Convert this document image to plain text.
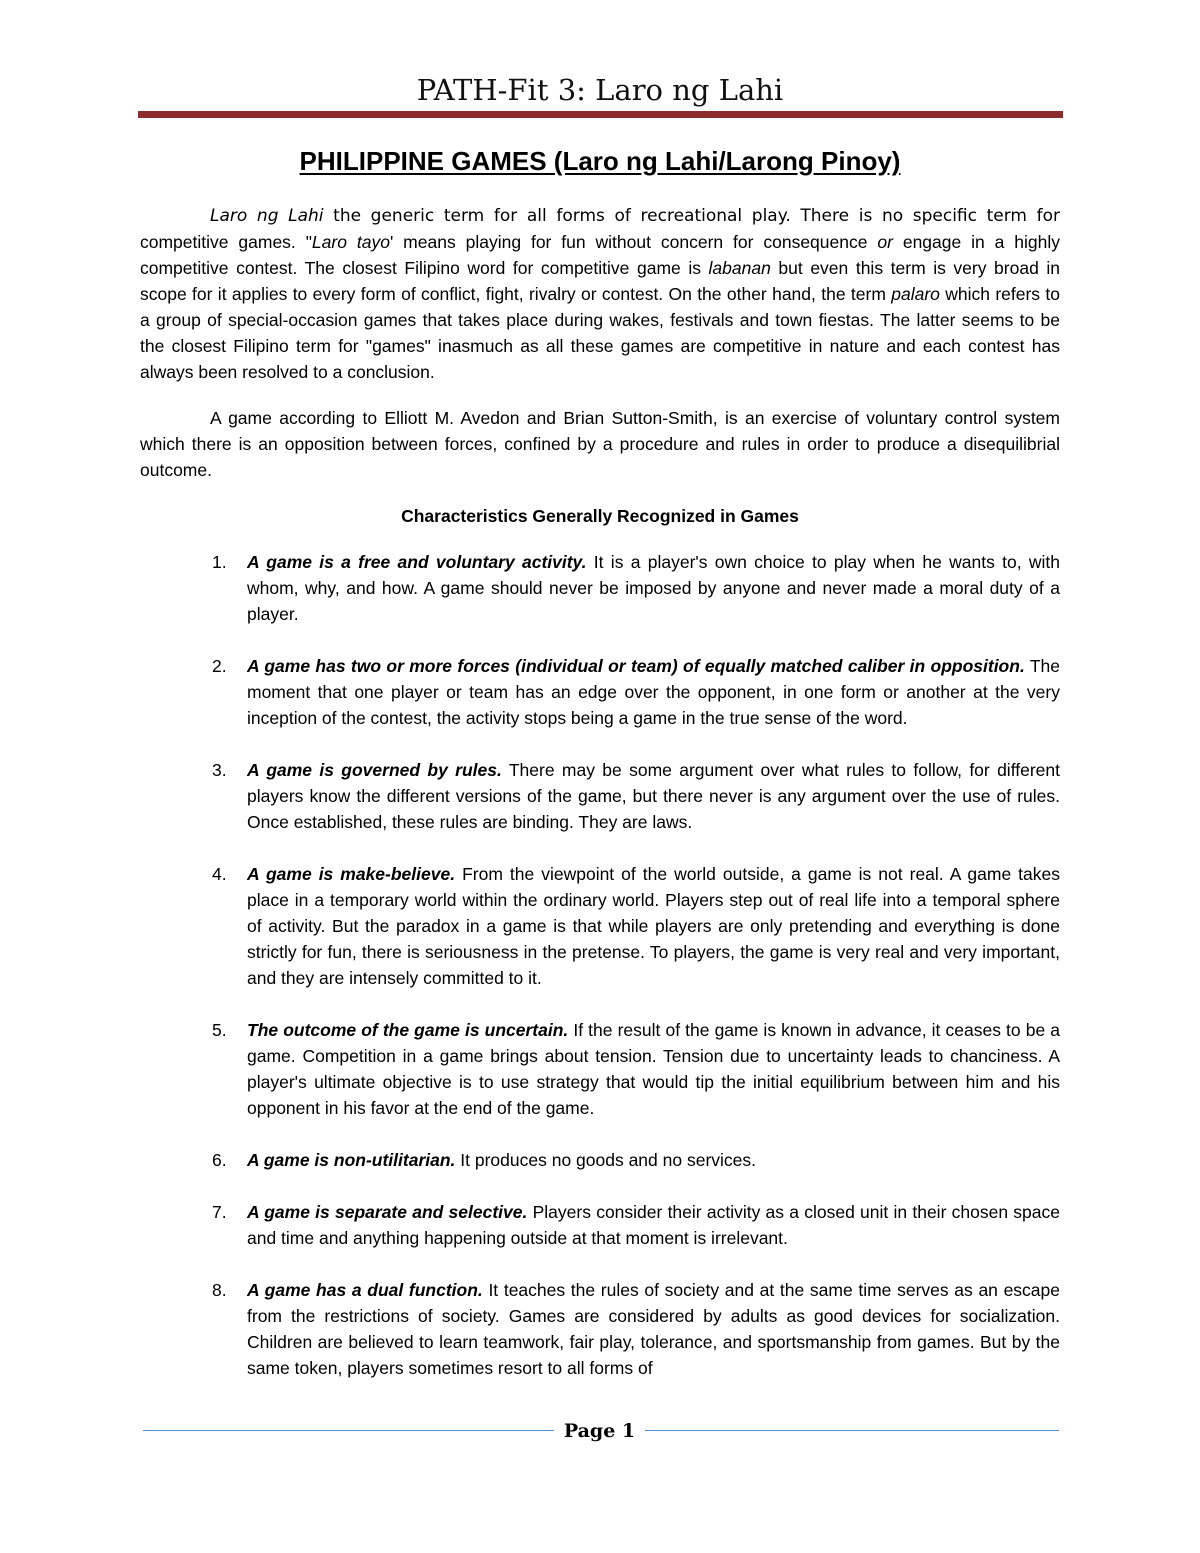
PATH-Fit 3: Laro ng Lahi
PHILIPPINE GAMES (Laro ng Lahi/Larong Pinoy)

Laro ng Lahi the generic term for all forms of recreational play. There is no specific term for competitive games. "Laro tayo' means playing for fun without concern for consequence or engage in a highly competitive contest. The closest Filipino word for competitive game is labanan but even this term is very broad in scope for it applies to every form of conflict, fight, rivalry or contest. On the other hand, the term palaro which refers to a group of special-occasion games that takes place during wakes, festivals and town fiestas. The latter seems to be the closest Filipino term for "games" inasmuch as all these games are competitive in nature and each contest has always been resolved to a conclusion.

A game according to Elliott M. Avedon and Brian Sutton-Smith, is an exercise of voluntary control system which there is an opposition between forces, confined by a procedure and rules in order to produce a disequilibrial outcome.

Characteristics Generally Recognized in Games
1.	A game is a free and voluntary activity. It is a player's own choice to play when he wants to, with whom, why, and how. A game should never be imposed by anyone and never made a moral duty of a player.
2.	A game has two or more forces (individual or team) of equally matched caliber in opposition. The moment that one player or team has an edge over the opponent, in one form or another at the very inception of the contest, the activity stops being a game in the true sense of the word.
3.	A game is governed by rules. There may be some argument over what rules to follow, for different players know the different versions of the game, but there never is any argument over the use of rules. Once established, these rules are binding. They are laws.
4.	A game is make-believe. From the viewpoint of the world outside, a game is not real. A game takes place in a temporary world within the ordinary world. Players step out of real life into a temporal sphere of activity. But the paradox in a game is that while players are only pretending and everything is done strictly for fun, there is seriousness in the pretense. To players, the game is very real and very important, and they are intensely committed to it.
5.	The outcome of the game is uncertain. If the result of the game is known in advance, it ceases to be a game. Competition in a game brings about tension. Tension due to uncertainty leads to chanciness. A player's ultimate objective is to use strategy that would tip the initial equilibrium between him and his opponent in his favor at the end of the game.
6.	A game is non-utilitarian. It produces no goods and no services.
7.	A game is separate and selective. Players consider their activity as a closed unit in their chosen space and time and anything happening outside at that moment is irrelevant.
8.	A game has a dual function. It teaches the rules of society and at the same time serves as an escape from the restrictions of society. Games are considered by adults as good devices for socialization. Children are believed to learn teamwork, fair play, tolerance, and sportsmanship from games. But by the same token, players sometimes resort to all forms of
Page 1
